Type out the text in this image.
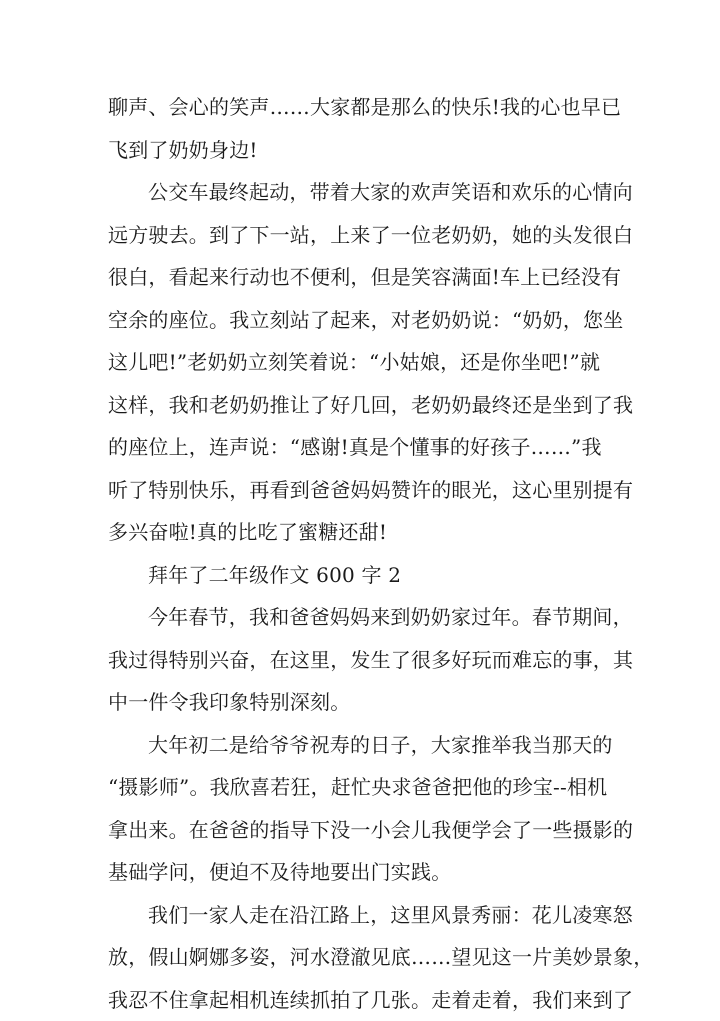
聊声、会心的笑声……大家都是那么的快乐!我的心也早已
飞到了奶奶身边!
公交车最终起动，带着大家的欢声笑语和欢乐的心情向
远方驶去。到了下一站，上来了一位老奶奶，她的头发很白
很白，看起来行动也不便利，但是笑容满面!车上已经没有
空余的座位。我立刻站了起来，对老奶奶说：“奶奶，您坐
这儿吧!”老奶奶立刻笑着说：“小姑娘，还是你坐吧!”就
这样，我和老奶奶推让了好几回，老奶奶最终还是坐到了我
的座位上，连声说：“感谢!真是个懂事的好孩子……”我
听了特别快乐，再看到爸爸妈妈赞许的眼光，这心里别提有
多兴奋啦!真的比吃了蜜糖还甜!
拜年了二年级作文 600 字 2
今年春节，我和爸爸妈妈来到奶奶家过年。春节期间，
我过得特别兴奋，在这里，发生了很多好玩而难忘的事，其
中一件令我印象特别深刻。
大年初二是给爷爷祝寿的日子，大家推举我当那天的
“摄影师”。我欣喜若狂，赶忙央求爸爸把他的珍宝--相机
拿出来。在爸爸的指导下没一小会儿我便学会了一些摄影的
基础学问，便迫不及待地要出门实践。
我们一家人走在沿江路上，这里风景秀丽：花儿凌寒怒
放，假山婀娜多姿，河水澄澈见底……望见这一片美妙景象，
我忍不住拿起相机连续抓拍了几张。走着走着，我们来到了
